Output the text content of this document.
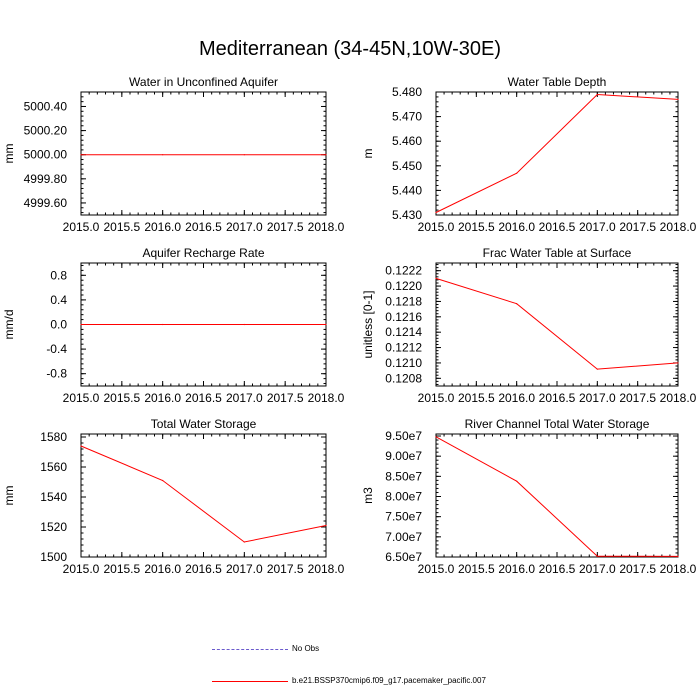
Mediterranean (34-45N,10W-30E)
Water in Unconfined Aquifer
mm
2015.0 2015.5 2016.0 2016.5 2017.0 2017.5 2018.0
4999.60
4999.80
5000.00
5000.20
5000.40
Water Table Depth
m
2015.0 2015.5 2016.0 2016.5 2017.0 2017.5 2018.0
5.430
5.440
5.450
5.460
5.470
5.480
Aquifer Recharge Rate
mm/d
2015.0 2015.5 2016.0 2016.5 2017.0 2017.5 2018.0
-0.8
-0.4
0.0
0.4
0.8
Frac Water Table at Surface
unitless [0-1]
2015.0 2015.5 2016.0 2016.5 2017.0 2017.5 2018.0
0.1208
0.1210
0.1212
0.1214
0.1216
0.1218
0.1220
0.1222
Total Water Storage
mm
2015.0 2015.5 2016.0 2016.5 2017.0 2017.5 2018.0
1500
1520
1540
1560
1580
River Channel Total Water Storage
m3
2015.0 2015.5 2016.0 2016.5 2017.0 2017.5 2018.0
6.50e7
7.00e7
7.50e7
8.00e7
8.50e7
9.00e7
9.50e7
No Obs
b.e21.BSSP370cmip6.f09_g17.pacemaker_pacific.007
